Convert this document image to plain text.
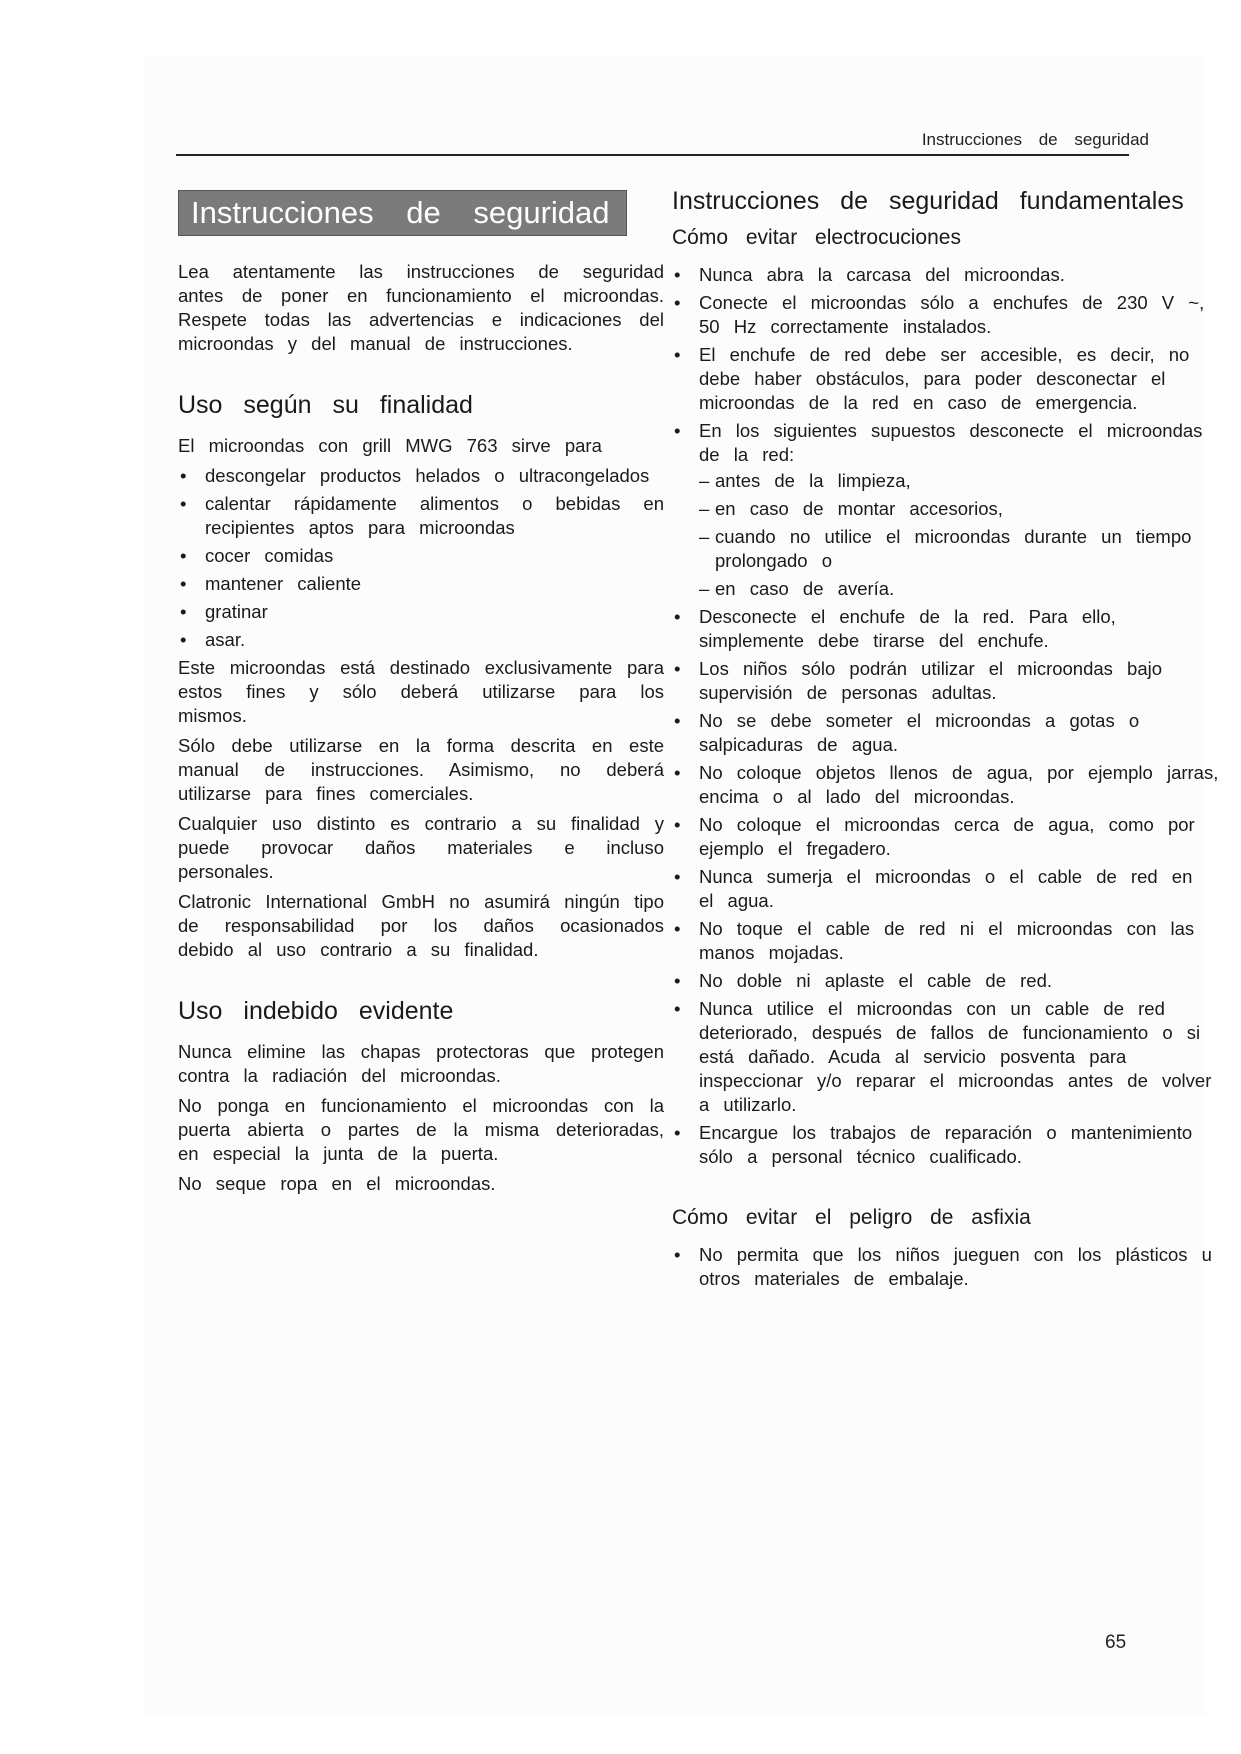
Instrucciones de seguridad
Instrucciones de seguridad

Lea atentamente las instrucciones de seguridad antes de poner en funcionamiento el microondas. Respete todas las advertencias e indicaciones del microondas y del manual de instrucciones.

Uso según su finalidad

El microondas con grill MWG 763 sirve para

• descongelar productos helados o ultracongelados
• calentar rápidamente alimentos o bebidas en recipientes aptos para microondas
• cocer comidas
• mantener caliente
• gratinar
• asar.

Este microondas está destinado exclusivamente para estos fines y sólo deberá utilizarse para los mismos.

Sólo debe utilizarse en la forma descrita en este manual de instrucciones. Asimismo, no deberá utilizarse para fines comerciales.

Cualquier uso distinto es contrario a su finalidad y puede provocar daños materiales e incluso personales.

Clatronic International GmbH no asumirá ningún tipo de responsabilidad por los daños ocasionados debido al uso contrario a su finalidad.

Uso indebido evidente

Nunca elimine las chapas protectoras que protegen contra la radiación del microondas.

No ponga en funcionamiento el microondas con la puerta abierta o partes de la misma deterioradas, en especial la junta de la puerta.

No seque ropa en el microondas.

Instrucciones de seguridad fundamentales
Cómo evitar electrocuciones
• Nunca abra la carcasa del microondas.
• Conecte el microondas sólo a enchufes de 230 V ~, 50 Hz correctamente instalados.
• El enchufe de red debe ser accesible, es decir, no debe haber obstáculos, para poder desconectar el microondas de la red en caso de emergencia.
• En los siguientes supuestos desconecte el microondas de la red:
– antes de la limpieza,
– en caso de montar accesorios,
– cuando no utilice el microondas durante un tiempo prolongado o
– en caso de avería.
• Desconecte el enchufe de la red. Para ello, simplemente debe tirarse del enchufe.
• Los niños sólo podrán utilizar el microondas bajo supervisión de personas adultas.
• No se debe someter el microondas a gotas o salpicaduras de agua.
• No coloque objetos llenos de agua, por ejemplo jarras, encima o al lado del microondas.
• No coloque el microondas cerca de agua, como por ejemplo el fregadero.
• Nunca sumerja el microondas o el cable de red en el agua.
• No toque el cable de red ni el microondas con las manos mojadas.
• No doble ni aplaste el cable de red.
• Nunca utilice el microondas con un cable de red deteriorado, después de fallos de funcionamiento o si está dañado. Acuda al servicio posventa para inspeccionar y/o reparar el microondas antes de volver a utilizarlo.
• Encargue los trabajos de reparación o mantenimiento sólo a personal técnico cualificado.
Cómo evitar el peligro de asfixia
• No permita que los niños jueguen con los plásticos u otros materiales de embalaje.
65
